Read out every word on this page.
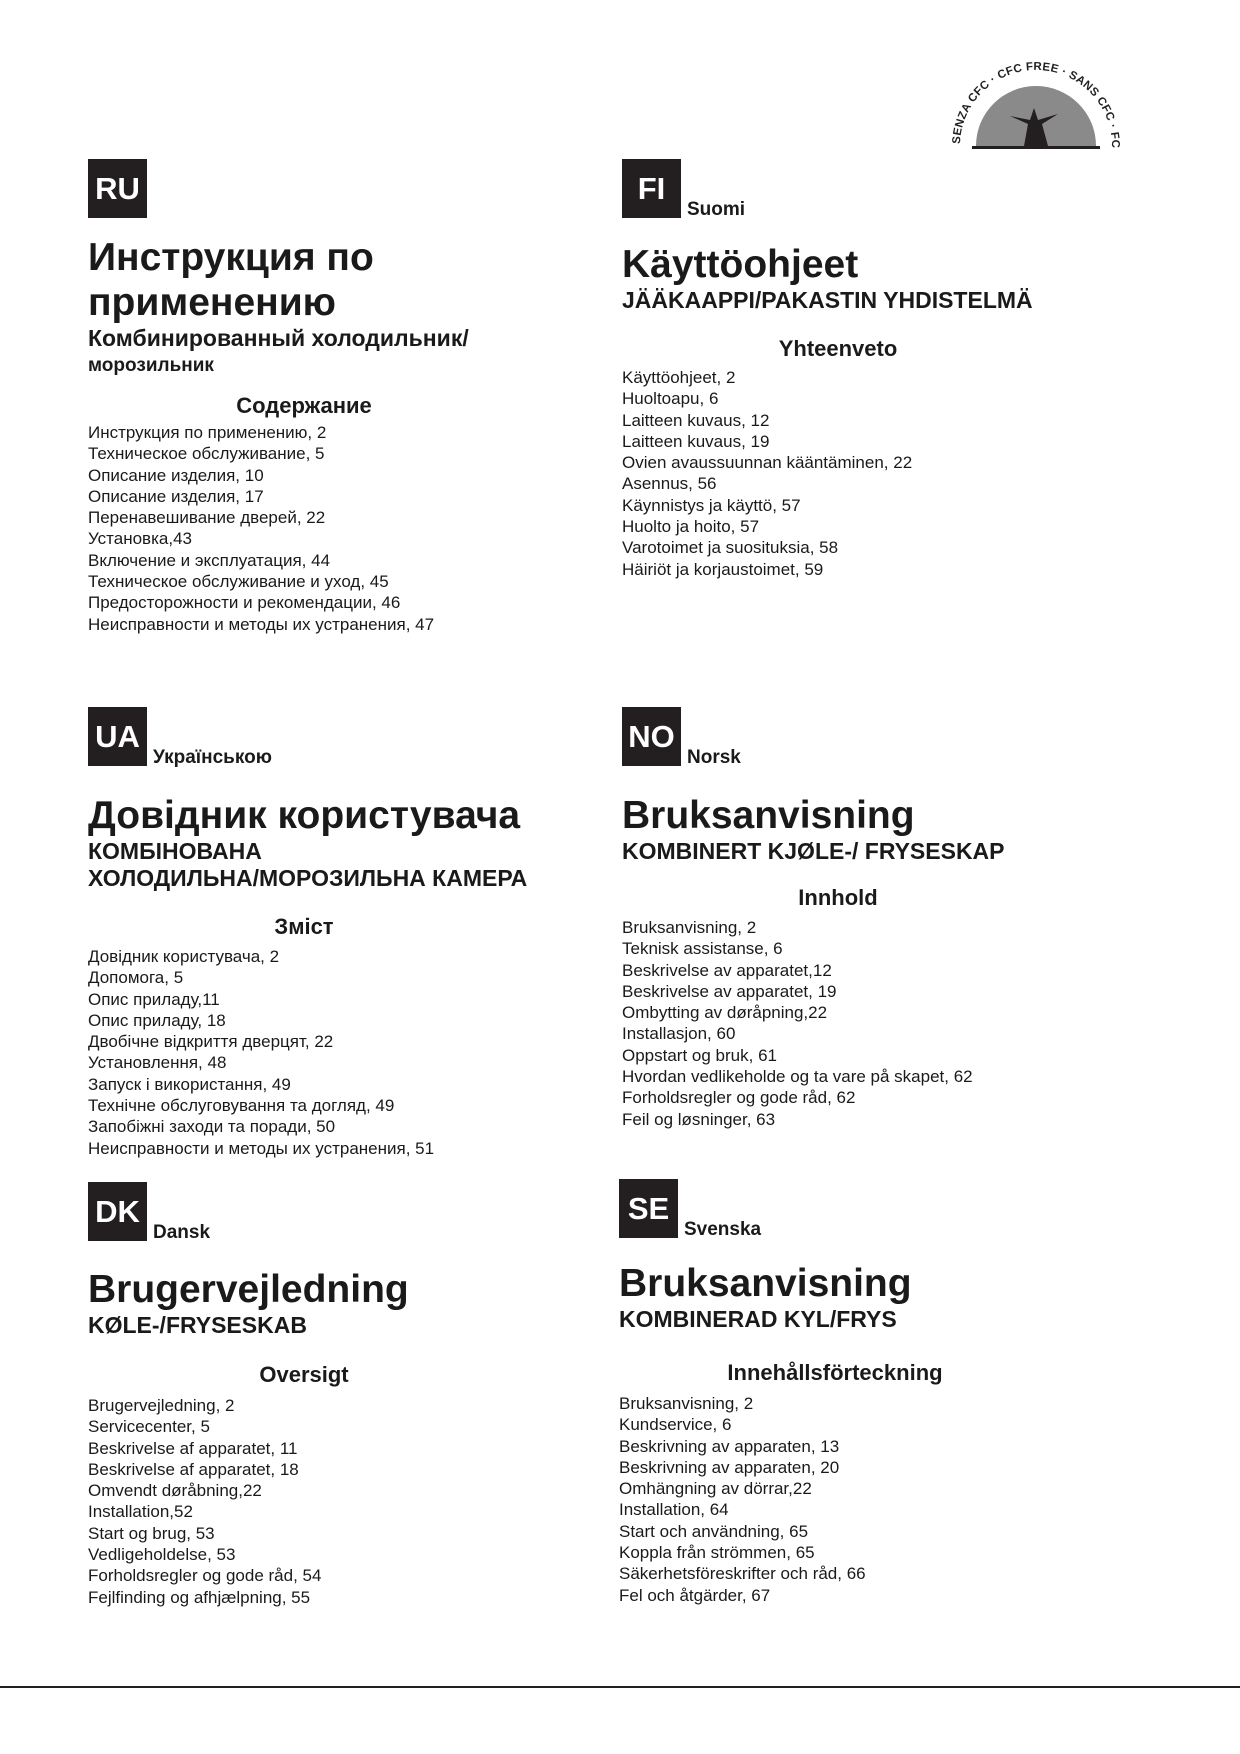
SENZA CFC · CFC FREE · SANS CFC · FC
RU

Инструкция по

применению

Комбинированный холодильник/

морозильник

Содержание

Инструкция по применению, 2
Техническое обслуживание, 5
Описание изделия, 10
Описание изделия, 17
Перенавешивание дверей, 22
Установка,43
Включение и эксплуатация, 44
Техническое обслуживание и уход, 45
Предосторожности и рекомендации, 46
Неисправности и методы их устранения, 47
FI
Suomi

Käyttöohjeet

JÄÄKAAPPI/PAKASTIN YHDISTELMÄ

Yhteenveto

Käyttöohjeet, 2
Huoltoapu, 6
Laitteen kuvaus, 12
Laitteen kuvaus, 19
Ovien avaussuunnan kääntäminen, 22
Asennus, 56
Käynnistys ja käyttö, 57
Huolto ja hoito, 57
Varotoimet ja suosituksia, 58
Häiriöt ja korjaustoimet, 59
UA
Українською

Довідник користувача

КОМБІНОВАНА

ХОЛОДИЛЬНА/МОРОЗИЛЬНА КАМЕРА

Зміст

Довідник користувача, 2
Допомога, 5
Опис приладу,11
Опис приладу, 18
Двобічне відкриття дверцят, 22
Установлення, 48
Запуск і використання, 49
Технічне обслуговування та догляд, 49
Запобіжні заходи та поради, 50
Неисправности и методы их устранения, 51
NO
Norsk

Bruksanvisning

KOMBINERT KJØLE-/ FRYSESKAP

Innhold

Bruksanvisning, 2
Teknisk assistanse, 6
Beskrivelse av apparatet,12
Beskrivelse av apparatet, 19
Ombytting av døråpning,22
Installasjon, 60
Oppstart og bruk, 61
Hvordan vedlikeholde og ta vare på skapet, 62
Forholdsregler og gode råd, 62
Feil og løsninger, 63
DK
Dansk

Brugervejledning

KØLE-/FRYSESKAB

Oversigt

Brugervejledning, 2
Servicecenter, 5
Beskrivelse af apparatet, 11
Beskrivelse af apparatet, 18
Omvendt døråbning,22
Installation,52
Start og brug, 53
Vedligeholdelse, 53
Forholdsregler og gode råd, 54
Fejlfinding og afhjælpning, 55
SE
Svenska

Bruksanvisning

KOMBINERAD KYL/FRYS

Innehållsförteckning

Bruksanvisning, 2
Kundservice, 6
Beskrivning av apparaten, 13
Beskrivning av apparaten, 20
Omhängning av dörrar,22
Installation, 64
Start och användning, 65
Koppla från strömmen, 65
Säkerhetsföreskrifter och råd, 66
Fel och åtgärder, 67
